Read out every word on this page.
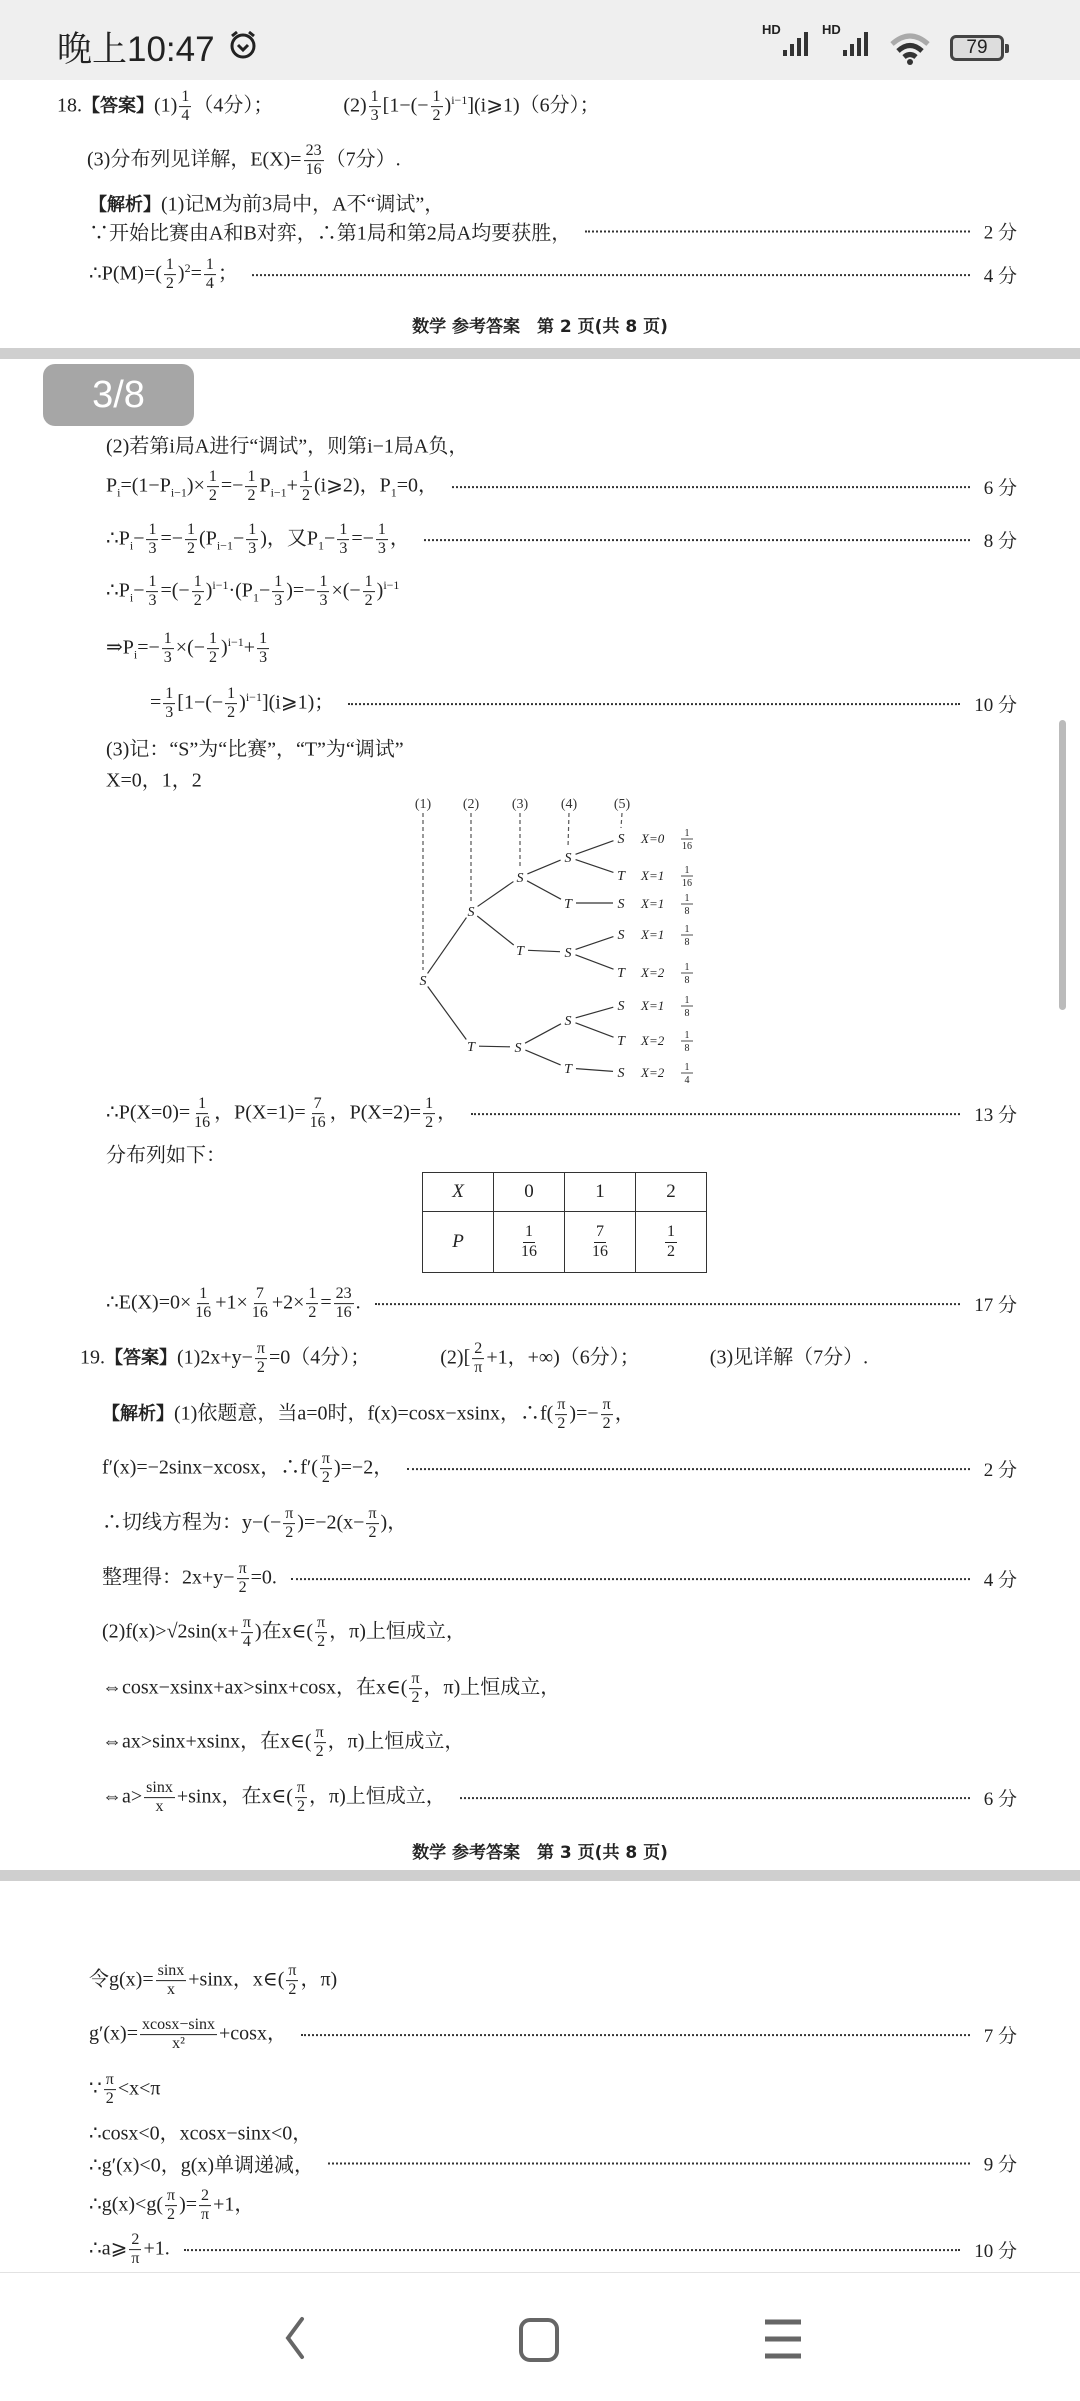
晚上10:47
HD	HD
79
18.【答案】$(1) \frac{1}{4} (4$分）；	$(2) \frac{1}{3} [1-(- \frac{1}{2}$ )$^{i-1}](i⩾1)(6$分）；
(3)分布列见详解，$E(X)= \frac{23}{16} (7$分）.
【解析】(1)记M为前3局中，A不“调试”，
∵开始比赛由A和B对弈，∴第1局和第2局A均要获胜，	2 分
∴P(M)=( $\frac{1}{2} )^2= \frac{1}{4}$ ；	4 分
数学 参考答案　第 2 页(共 8 页)
(2)若第i局A进行“调试”，则第i−1局A负，
$P_i=(1-P_{i-1})\times \frac{1}{2} =- \frac{1}{2} P_{i-1}+ \frac{1}{2}$ (i⩾2)，$P_1=0$，	6 分
$\therefore P_i- \frac{1}{3} =- \frac{1}{2} (P_{i-1}- \frac{1}{3}$ )，又$P_1- \frac{1}{3} =- \frac{1}{3}$ ，	8 分
$\therefore P_i- \frac{1}{3}$ =(− $\frac{1}{2} )^{i-1}\cdot(P_1- \frac{1}{3}$ )=− $\frac{1}{3}$ ×(− $\frac{1}{2} )^{i-1}$
$\Rightarrow P_i=- \frac{1}{3}$ ×(− $\frac{1}{2} )^{i-1}+ \frac{1}{3}$
= $\frac{1}{3} [1-(- \frac{1}{2}$ )$^{i-1}](i⩾1)$；	10 分
(3)记：“S”为“比赛”，“T”为“调试”
X=0，1，2
(1) (2) (3) (4)	(5)
S
S
S
S
S
T
T	S
T	S
S
T
T	S
S
S
T
T	S
X=0 1
16
X=1 1
16
X=1 1
8
X=1 1
8
X=2 1
8
X=1 1
8
X=2 1
8
X=2 1
4
∴P(X=0)= $\frac{1}{16}$ ，$P(X=1)= \frac{7}{16}$ ，$P(X=2)= \frac{1}{2}$ ，	13 分
分布列如下：
X	0	1	2
P	$\frac{1}{16}$	$\frac{7}{16}$	$\frac{1}{2}$
∴E(X)=0× $\frac{1}{16} +1\times \frac{7}{16} +2\times \frac{1}{2} = \frac{23}{16}$ .	17 分
19.【答案】$(1)2x+y- \frac{\pi}{2} =0(4$分）；	$(2)[ \frac{2}{\pi} +1$，+∞)（6分）；	(3)见详解（7分）.
【解析】(1)依题意，当a=0时，f(x)=cosx−xsinx，∴f( $\frac{\pi}{2}$ )=− $\frac{\pi}{2}$ ，
f′(x)=−2sinx−xcosx，∴f′( $\frac{\pi}{2} )=-2$，	2 分
∴切线方程为：$y-(- \frac{\pi}{2} )=-2(x- \frac{\pi}{2}$ )，
整理得：$2x+y- \frac{\pi}{2} =0$.	4 分
$(2)f(x)>√2\sin(x+ \frac{\pi}{4}$ )在x∈( $\frac{\pi}{2}$ ，π)上恒成立，
⇔cosx−xsinx+ax>sinx+cosx，在x∈( $\frac{\pi}{2}$ ，π)上恒成立，
⇔ax>sinx+xsinx，在x∈( $\frac{\pi}{2}$ ，π)上恒成立，
⇔a> $\frac{\sin x}{x} +\sin x$，在x∈( $\frac{\pi}{2}$ ，π)上恒成立，	6 分
数学 参考答案　第 3 页(共 8 页)
令$g(x)= \frac{\sin x}{x} +\sin x$，x∈( $\frac{\pi}{2}$ ，π)
$g'(x)= \frac{xcosx-\sin x}{\text{x²}} +\cos x$，	7 分
∵ $\frac{\pi}{2} <x<\pi$
∴cosx<0，xcosx−sinx<0，
∴g′(x)<0，g(x)单调递减，	9 分
∴g(x)<g( $\frac{\pi}{2}$ )= $\frac{2}{\pi} +1$，
∴a⩾ $\frac{2}{\pi} +1$.	10 分
3/8
